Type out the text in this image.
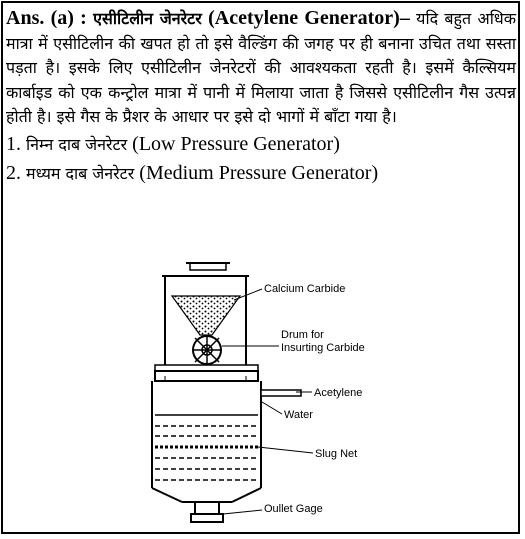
Ans. (a) : एसीटिलीन जेनरेटर (Acetylene Generator)– यदि बहुत अधिक मात्रा में एसीटिलीन की खपत हो तो इसे वैल्डिंग की जगह पर ही बनाना उचित तथा सस्ता पड़ता है। इसके लिए एसीटिलीन जेनरेटरों की आवश्यकता रहती है। इसमें कैल्सियम कार्बाइड को एक कन्ट्रोल मात्रा में पानी में मिलाया जाता है जिससे एसीटिलीन गैस उत्पन्न होती है। इसे गैस के प्रैशर के आधार पर इसे दो भागों में बाँटा गया है।

1. निम्न दाब जेनरेटर (Low Pressure Generator)
2. मध्यम दाब जेनरेटर (Medium Pressure Generator)
Calcium Carbide
Drum for
Insurting Carbide
Acetylene
Water
Slug Net
Oullet Gage
